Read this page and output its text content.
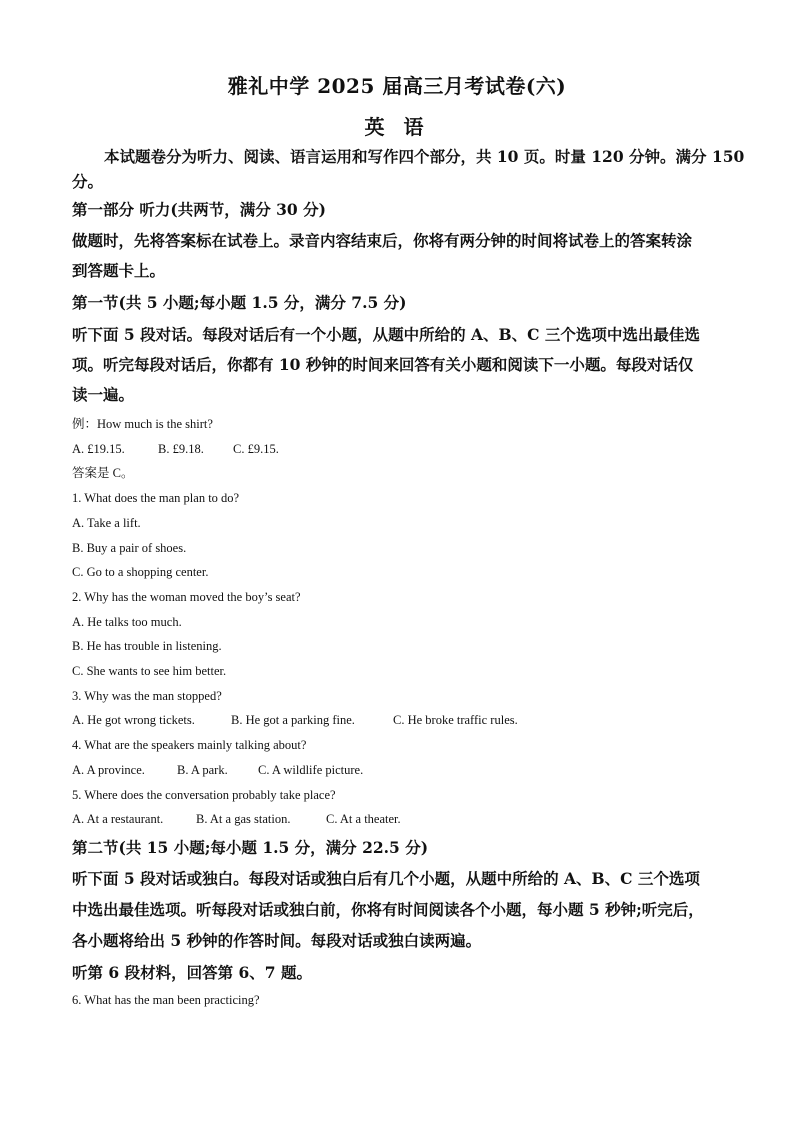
雅礼中学 2025 届高三月考试卷(六)
英 语
本试题卷分为听力、阅读、语言运用和写作四个部分，共 10 页。时量 120 分钟。满分 150
分。
第一部分 听力(共两节，满分 30 分)
做题时，先将答案标在试卷上。录音内容结束后，你将有两分钟的时间将试卷上的答案转涂
到答题卡上。
第一节(共 5 小题;每小题 1.5 分，满分 7.5 分)
听下面 5 段对话。每段对话后有一个小题，从题中所给的 A、B、C 三个选项中选出最佳选
项。听完每段对话后，你都有 10 秒钟的时间来回答有关小题和阅读下一小题。每段对话仅
读一遍。
例：How much is the shirt?
A. £19.15.	B. £9.18. C. £9.15.
答案是 C。
1. What does the man plan to do?
A. Take a lift.
B. Buy a pair of shoes.
C. Go to a shopping center.
2. Why has the woman moved the boy’s seat?
A. He talks too much.
B. He has trouble in listening.
C. She wants to see him better.
3. Why was the man stopped?
A. He got wrong tickets.	B. He got a parking fine.	C. He broke traffic rules.
4. What are the speakers mainly talking about?
A. A province.	B. A park. C. A wildlife picture.
5. Where does the conversation probably take place?
A. At a restaurant.	B. At a gas station.	C. At a theater.
第二节(共 15 小题;每小题 1.5 分，满分 22.5 分)
听下面 5 段对话或独白。每段对话或独白后有几个小题，从题中所给的 A、B、C 三个选项
中选出最佳选项。听每段对话或独白前，你将有时间阅读各个小题，每小题 5 秒钟;听完后，
各小题将给出 5 秒钟的作答时间。每段对话或独白读两遍。
听第 6 段材料，回答第 6、7 题。
6. What has the man been practicing?
